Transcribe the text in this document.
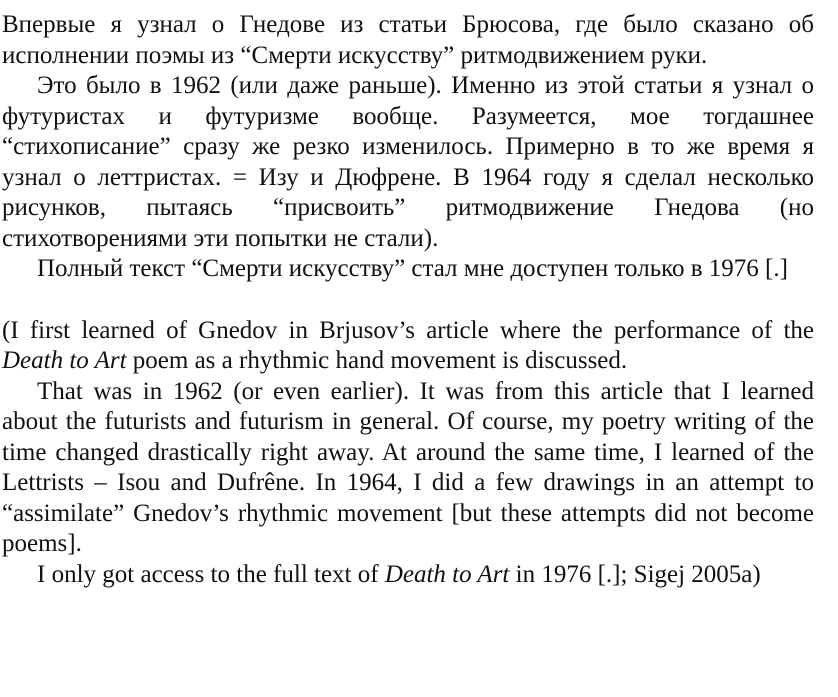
Впервые я узнал о Гнедове из статьи Брюсова, где было сказано об исполнении поэмы из “Смерти искусству” ритмодвижением руки.

Это было в 1962 (или даже раньше). Именно из этой статьи я узнал о футуристах и футуризме вообще. Разумеется, мое тогдашнее “стихописание” сразу же резко изменилось. Примерно в то же время я узнал о леттристах. = Изу и Дюфрене. В 1964 году я сделал несколько рисунков, пытаясь “присвоить” ритмодвижение Гнедова (но стихотворениями эти попытки не стали).

Полный текст “Смерти искусству” стал мне доступен только в 1976 [.]

(I first learned of Gnedov in Brjusov’s article where the performance of the Death to Art poem as a rhythmic hand movement is discussed.

That was in 1962 (or even earlier). It was from this article that I learned about the futurists and futurism in general. Of course, my poetry writing of the time changed drastically right away. At around the same time, I learned of the Lettrists – Isou and Dufrêne. In 1964, I did a few drawings in an attempt to “assimilate” Gnedov’s rhythmic movement [but these attempts did not become poems].

I only got access to the full text of Death to Art in 1976 [.]; Sigej 2005a)
